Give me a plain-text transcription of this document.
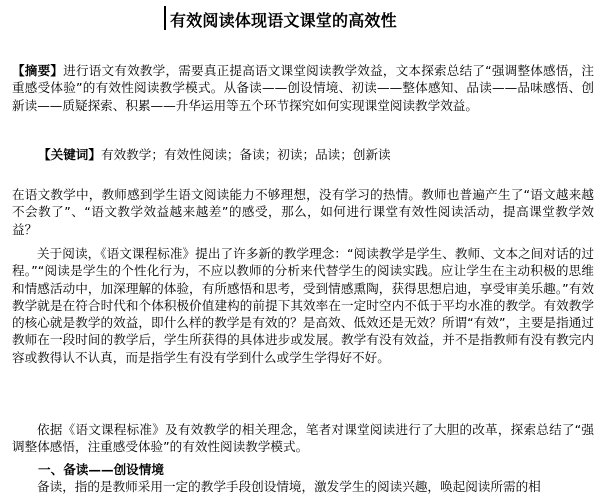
有效阅读体现语文课堂的高效性
【摘要】进行语文有效教学，需要真正提高语文课堂阅读教学效益，文本探索总结了“强调整体感悟，注重感受体验”的有效性阅读教学模式。从备读——创设情境、初读——整体感知、品读——品味感悟、创新读——质疑探索、积累——升华运用等五个环节探究如何实现课堂阅读教学效益。
【关键词】有效教学；有效性阅读；备读；初读；品读；创新读
在语文教学中，教师感到学生语文阅读能力不够理想，没有学习的热情。教师也普遍产生了“语文越来越不会教了”、“语文教学效益越来越差”的感受，那么，如何进行课堂有效性阅读活动，提高课堂教学效益？
关于阅读，《语文课程标准》提出了许多新的教学理念：“阅读教学是学生、教师、文本之间对话的过程。”“阅读是学生的个性化行为，不应以教师的分析来代替学生的阅读实践。应让学生在主动积极的思维和情感活动中，加深理解的体验，有所感悟和思考，受到情感熏陶，获得思想启迪，享受审美乐趣。”有效教学就是在符合时代和个体积极价值建构的前提下其效率在一定时空内不低于平均水准的教学。有效教学的核心就是教学的效益，即什么样的教学是有效的？是高效、低效还是无效？所谓“有效”，主要是指通过教师在一段时间的教学后，学生所获得的具体进步或发展。教学有没有效益，并不是指教师有没有教完内容或教得认不认真，而是指学生有没有学到什么或学生学得好不好。
依据《语文课程标准》及有效教学的相关理念，笔者对课堂阅读进行了大胆的改革，探索总结了“强调整体感悟，注重感受体验”的有效性阅读教学模式。
一、备读——创设情境
备读，指的是教师采用一定的教学手段创设情境，激发学生的阅读兴趣，唤起阅读所需的相
